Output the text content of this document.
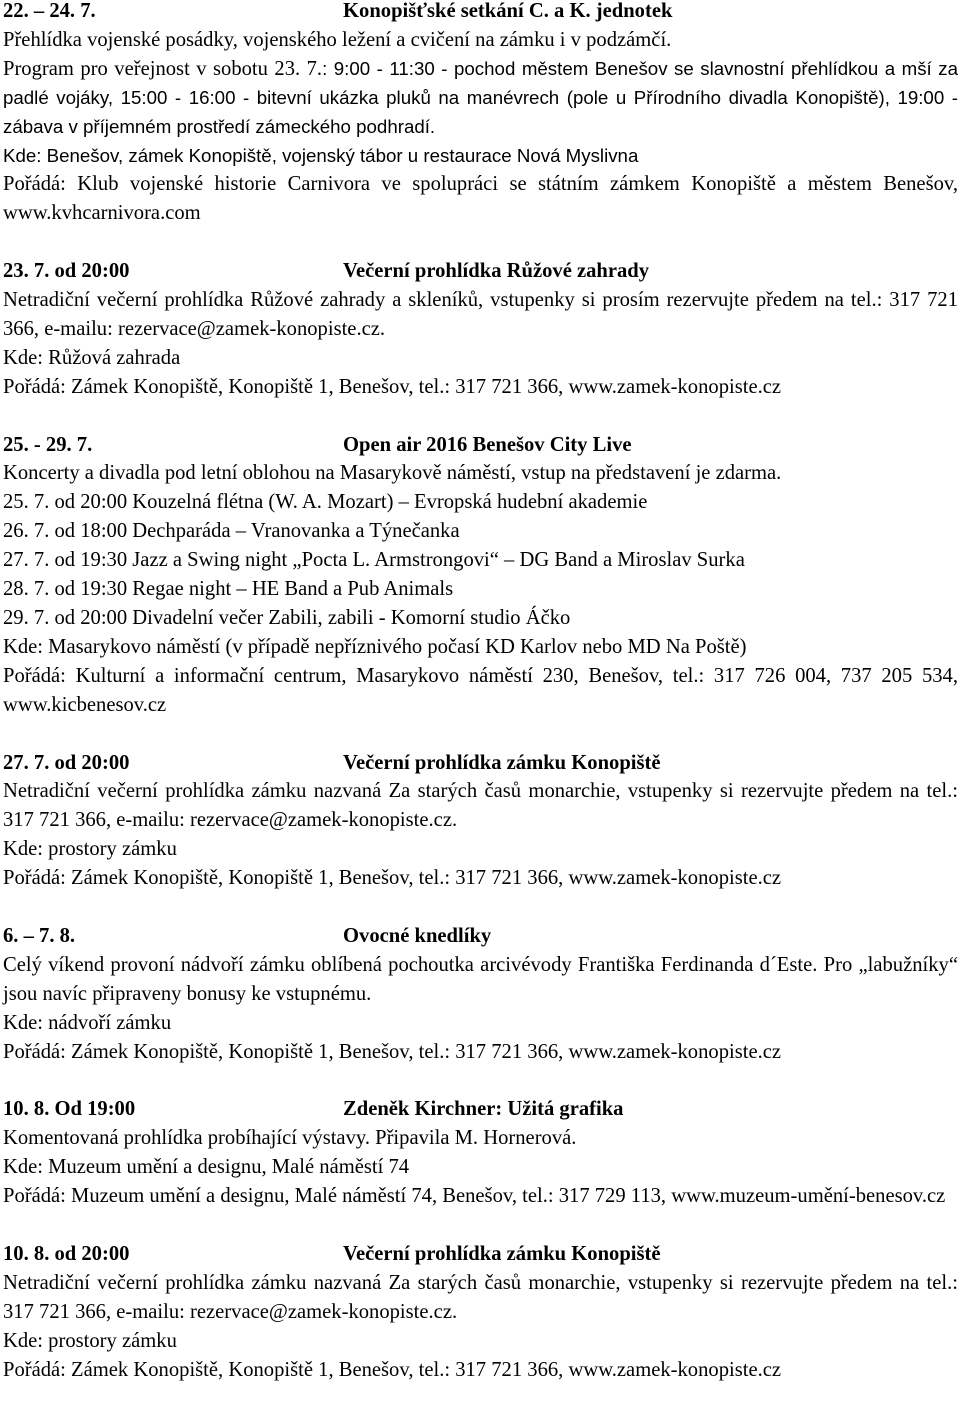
22. – 24. 7.	Konopišťské setkání C. a K. jednotek
Přehlídka vojenské posádky, vojenského ležení a cvičení na zámku i v podzámčí.
Program pro veřejnost v sobotu 23. 7.: 9:00 - 11:30 - pochod městem Benešov se slavnostní přehlídkou a mší za padlé vojáky, 15:00 - 16:00 - bitevní ukázka pluků na manévrech (pole u Přírodního divadla Konopiště), 19:00 - zábava v příjemném prostředí zámeckého podhradí.
Kde: Benešov, zámek Konopiště, vojenský tábor u restaurace Nová Myslivna
Pořádá: Klub vojenské historie Carnivora ve spolupráci se státním zámkem Konopiště a městem Benešov, www.kvhcarnivora.com
23. 7. od 20:00	Večerní prohlídka Růžové zahrady
Netradiční večerní prohlídka Růžové zahrady a skleníků, vstupenky si prosím rezervujte předem na tel.: 317 721 366, e-mailu: rezervace@zamek-konopiste.cz.
Kde: Růžová zahrada
Pořádá: Zámek Konopiště, Konopiště 1, Benešov, tel.: 317 721 366, www.zamek-konopiste.cz
25. - 29. 7.	Open air 2016 Benešov City Live
Koncerty a divadla pod letní oblohou na Masarykově náměstí, vstup na představení je zdarma.
25. 7. od 20:00 Kouzelná flétna (W. A. Mozart) – Evropská hudební akademie
26. 7. od 18:00 Dechparáda – Vranovanka a Týnečanka
27. 7. od 19:30 Jazz a Swing night „Pocta L. Armstrongovi“ – DG Band a Miroslav Surka
28. 7. od 19:30 Regae night – HE Band a Pub Animals
29. 7. od 20:00 Divadelní večer Zabili, zabili - Komorní studio Áčko
Kde: Masarykovo náměstí (v případě nepříznivého počasí KD Karlov nebo MD Na Poště)
Pořádá: Kulturní a informační centrum, Masarykovo náměstí 230, Benešov, tel.: 317 726 004, 737 205 534, www.kicbenesov.cz
27. 7. od 20:00	Večerní prohlídka zámku Konopiště
Netradiční večerní prohlídka zámku nazvaná Za starých časů monarchie, vstupenky si rezervujte předem na tel.: 317 721 366, e-mailu: rezervace@zamek-konopiste.cz.
Kde: prostory zámku
Pořádá: Zámek Konopiště, Konopiště 1, Benešov, tel.: 317 721 366, www.zamek-konopiste.cz
6. – 7. 8.	Ovocné knedlíky
Celý víkend provoní nádvoří zámku oblíbená pochoutka arcivévody Františka Ferdinanda d´Este. Pro „labužníky“ jsou navíc připraveny bonusy ke vstupnému.
Kde: nádvoří zámku
Pořádá: Zámek Konopiště, Konopiště 1, Benešov, tel.: 317 721 366, www.zamek-konopiste.cz
10. 8. Od 19:00	Zdeněk Kirchner: Užitá grafika
Komentovaná prohlídka probíhající výstavy. Připavila M. Hornerová.
Kde: Muzeum umění a designu, Malé náměstí 74
Pořádá: Muzeum umění a designu, Malé náměstí 74, Benešov, tel.: 317 729 113, www.muzeum-umění-benesov.cz
10. 8. od 20:00	Večerní prohlídka zámku Konopiště
Netradiční večerní prohlídka zámku nazvaná Za starých časů monarchie, vstupenky si rezervujte předem na tel.: 317 721 366, e-mailu: rezervace@zamek-konopiste.cz.
Kde: prostory zámku
Pořádá: Zámek Konopiště, Konopiště 1, Benešov, tel.: 317 721 366, www.zamek-konopiste.cz
